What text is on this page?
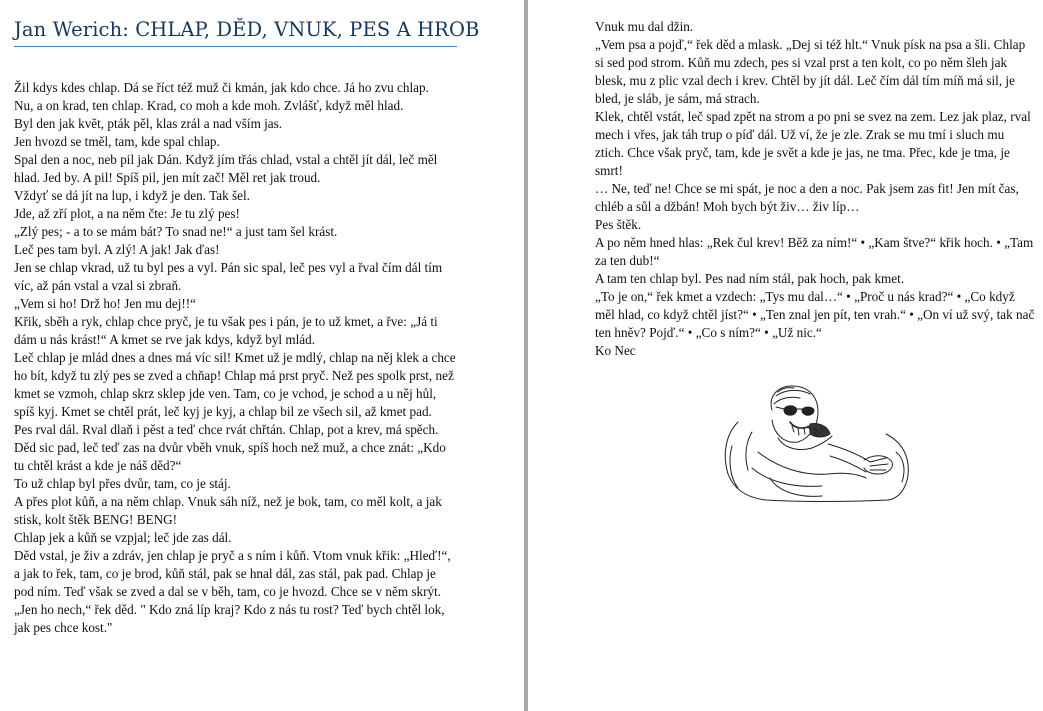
Jan Werich: CHLAP, DĚD, VNUK, PES A HROB

Žil kdys kdes chlap. Dá se říct též muž či kmán, jak kdo chce. Já ho zvu chlap.

Nu, a on krad, ten chlap. Krad, co moh a kde moh. Zvlášť, když měl hlad.

Byl den jak květ, pták pěl, klas zrál a nad vším jas.

Jen hvozd se tměl, tam, kde spal chlap.

Spal den a noc, neb pil jak Dán. Když jím třás chlad, vstal a chtěl jít dál, leč měl hlad. Jed by. A pil! Spíš pil, jen mít zač! Měl ret jak troud.

Vždyť se dá jít na lup, i když je den. Tak šel.

Jde, až zří plot, a na něm čte: Je tu zlý pes!

„Zlý pes; - a to se mám bát? To snad ne!“ a just tam šel krást.

Leč pes tam byl. A zlý! A jak! Jak ďas!

Jen se chlap vkrad, už tu byl pes a vyl. Pán sic spal, leč pes vyl a řval čím dál tím víc, až pán vstal a vzal si zbraň.

„Vem si ho! Drž ho! Jen mu dej!!“

Křik, sběh a ryk, chlap chce pryč, je tu však pes i pán, je to už kmet, a řve: „Já ti dám u nás krást!“ A kmet se rve jak kdys, když byl mlád.

Leč chlap je mlád dnes a dnes má víc sil! Kmet už je mdlý, chlap na něj klek a chce ho bít, když tu zlý pes se zved a chňap! Chlap má prst pryč. Než pes spolk prst, než kmet se vzmoh, chlap skrz sklep jde ven. Tam, co je vchod, je schod a u něj hůl, spíš kyj. Kmet se chtěl prát, leč kyj je kyj, a chlap bil ze všech sil, až kmet pad.

Pes rval dál. Rval dlaň i pěst a teď chce rvát chřtán. Chlap, pot a krev, má spěch. Děd sic pad, leč teď zas na dvůr vběh vnuk, spíš hoch než muž, a chce znát: „Kdo tu chtěl krást a kde je náš děd?“

To už chlap byl přes dvůr, tam, co je stáj.

A přes plot kůň, a na něm chlap. Vnuk sáh níž, než je bok, tam, co měl kolt, a jak stisk, kolt štěk BENG! BENG!

Chlap jek a kůň se vzpjal; leč jde zas dál.

Děd vstal, je živ a zdráv, jen chlap je pryč a s ním i kůň. Vtom vnuk křik: „Hleď!“,

a jak to řek, tam, co je brod, kůň stál, pak se hnal dál, zas stál, pak pad. Chlap je pod ním. Teď však se zved a dal se v běh, tam, co je hvozd. Chce se v něm skrýt.

„Jen ho nech,“ řek děd. " Kdo zná líp kraj? Kdo z nás tu rost? Teď bych chtěl lok, jak pes chce kost."

Vnuk mu dal džin.

„Vem psa a pojď,“ řek děd a mlask. „Dej si též hlt.“ Vnuk písk na psa a šli. Chlap si sed pod strom. Kůň mu zdech, pes si vzal prst a ten kolt, co po něm šleh jak blesk, mu z plic vzal dech i krev. Chtěl by jít dál. Leč čím dál tím míň má sil, je bled, je sláb, je sám, má strach.

Klek, chtěl vstát, leč spad zpět na strom a po pni se svez na zem. Lez jak plaz, rval mech i vřes, jak táh trup o píď dál. Už ví, že je zle. Zrak se mu tmí i sluch mu ztich. Chce však pryč, tam, kde je svět a kde je jas, ne tma. Přec, kde je tma, je smrt!

… Ne, teď ne! Chce se mi spát, je noc a den a noc. Pak jsem zas fit! Jen mít čas, chléb a sůl a džbán! Moh bych být živ… živ líp…

Pes štěk.

A po něm hned hlas: „Rek čul krev! Běž za ním!“ • „Kam štve?“ křik hoch. • „Tam za ten dub!“

A tam ten chlap byl. Pes nad ním stál, pak hoch, pak kmet.

„To je on,“ řek kmet a vzdech: „Tys mu dal…“ • „Proč u nás krad?“ • „Co když měl hlad, co když chtěl jíst?“ • „Ten znal jen pít, ten vrah.“ • „On ví už svý, tak nač ten hněv? Pojď.“ • „Co s ním?“ • „Už nic.“

Ko Nec
